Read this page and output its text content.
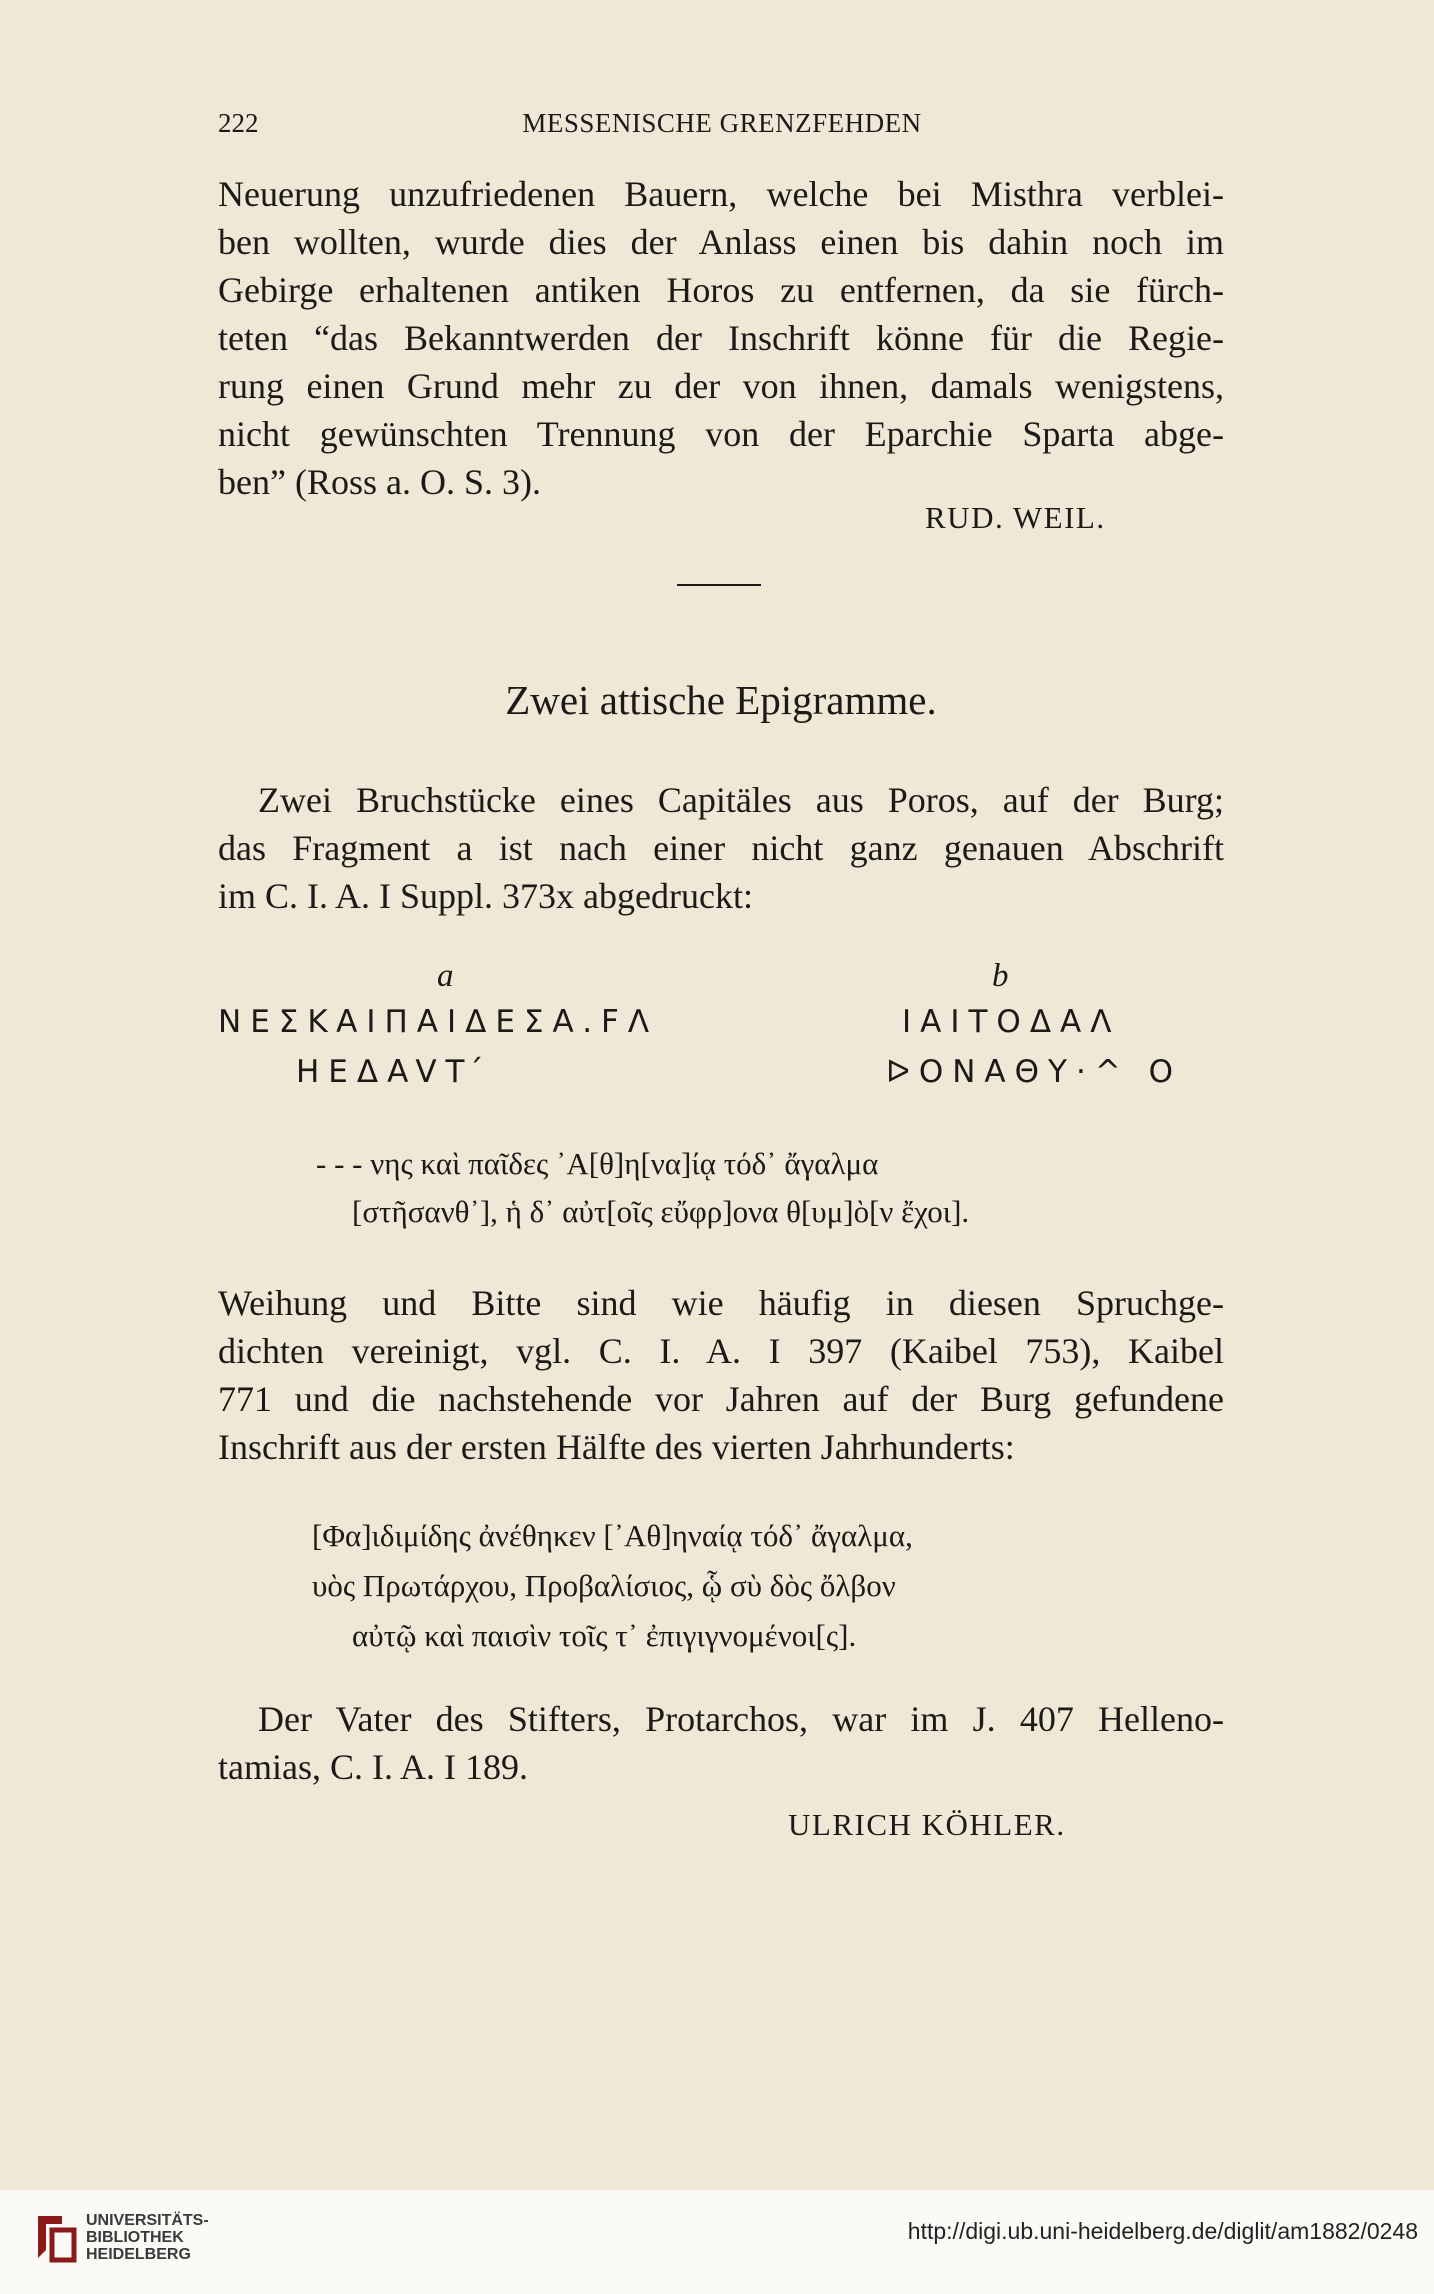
222	MESSENISCHE GRENZFEHDEN
Neuerung unzufriedenen Bauern, welche bei Misthra verblei-
ben wollten, wurde dies der Anlass einen bis dahin noch im
Gebirge erhaltenen antiken Horos zu entfernen, da sie fürch-
teten “das Bekanntwerden der Inschrift könne für die Regie-
rung einen Grund mehr zu der von ihnen, damals wenigstens,
nicht gewünschten Trennung von der Eparchie Sparta abge-
ben” (Ross a. O. S. 3).
RUD. WEIL.
Zwei attische Epigramme.
Zwei Bruchstücke eines Capitäles aus Poros, auf der Burg;
das Fragment a ist nach einer nicht ganz genauen Abschrift
im C. I. A. I Suppl. 373x abgedruckt:
a	b
NEΣKAIΠAIΔEΣA.FΛ
HEΔAVΤ ́
IAITOΔAΛ
ᐅONAΘY·^ O
- - - νης καὶ παῖδες ᾿Α[θ]η[να]ίᾳ τόδ᾿ ἄγαλμα
[στῆσανθ᾿], ἡ δ᾿ αὐτ[οῖς εὔφρ]ονα θ[υμ]ὸ[ν ἔχοι].
Weihung und Bitte sind wie häufig in diesen Spruchge-
dichten vereinigt, vgl. C. I. A. I 397 (Kaibel 753), Kaibel
771 und die nachstehende vor Jahren auf der Burg gefundene
Inschrift aus der ersten Hälfte des vierten Jahrhunderts:
[Φα]ιδιμίδης ἀνέθηκεν [᾿Αθ]ηναίᾳ τόδ᾿ ἄγαλμα,
υὸς Πρωτάρχου, Προβαλίσιος, ᾧ σὺ δὸς ὄλβον
αὐτῷ καὶ παισὶν τοῖς τ᾿ ἐπιγιγνομένοι[ς].
Der Vater des Stifters, Protarchos, war im J. 407 Helleno-
tamias, C. I. A. I 189.
ULRICH KÖHLER.
UNIVERSITÄTS-
BIBLIOTHEK
HEIDELBERG
http://digi.ub.uni-heidelberg.de/diglit/am1882/0248
